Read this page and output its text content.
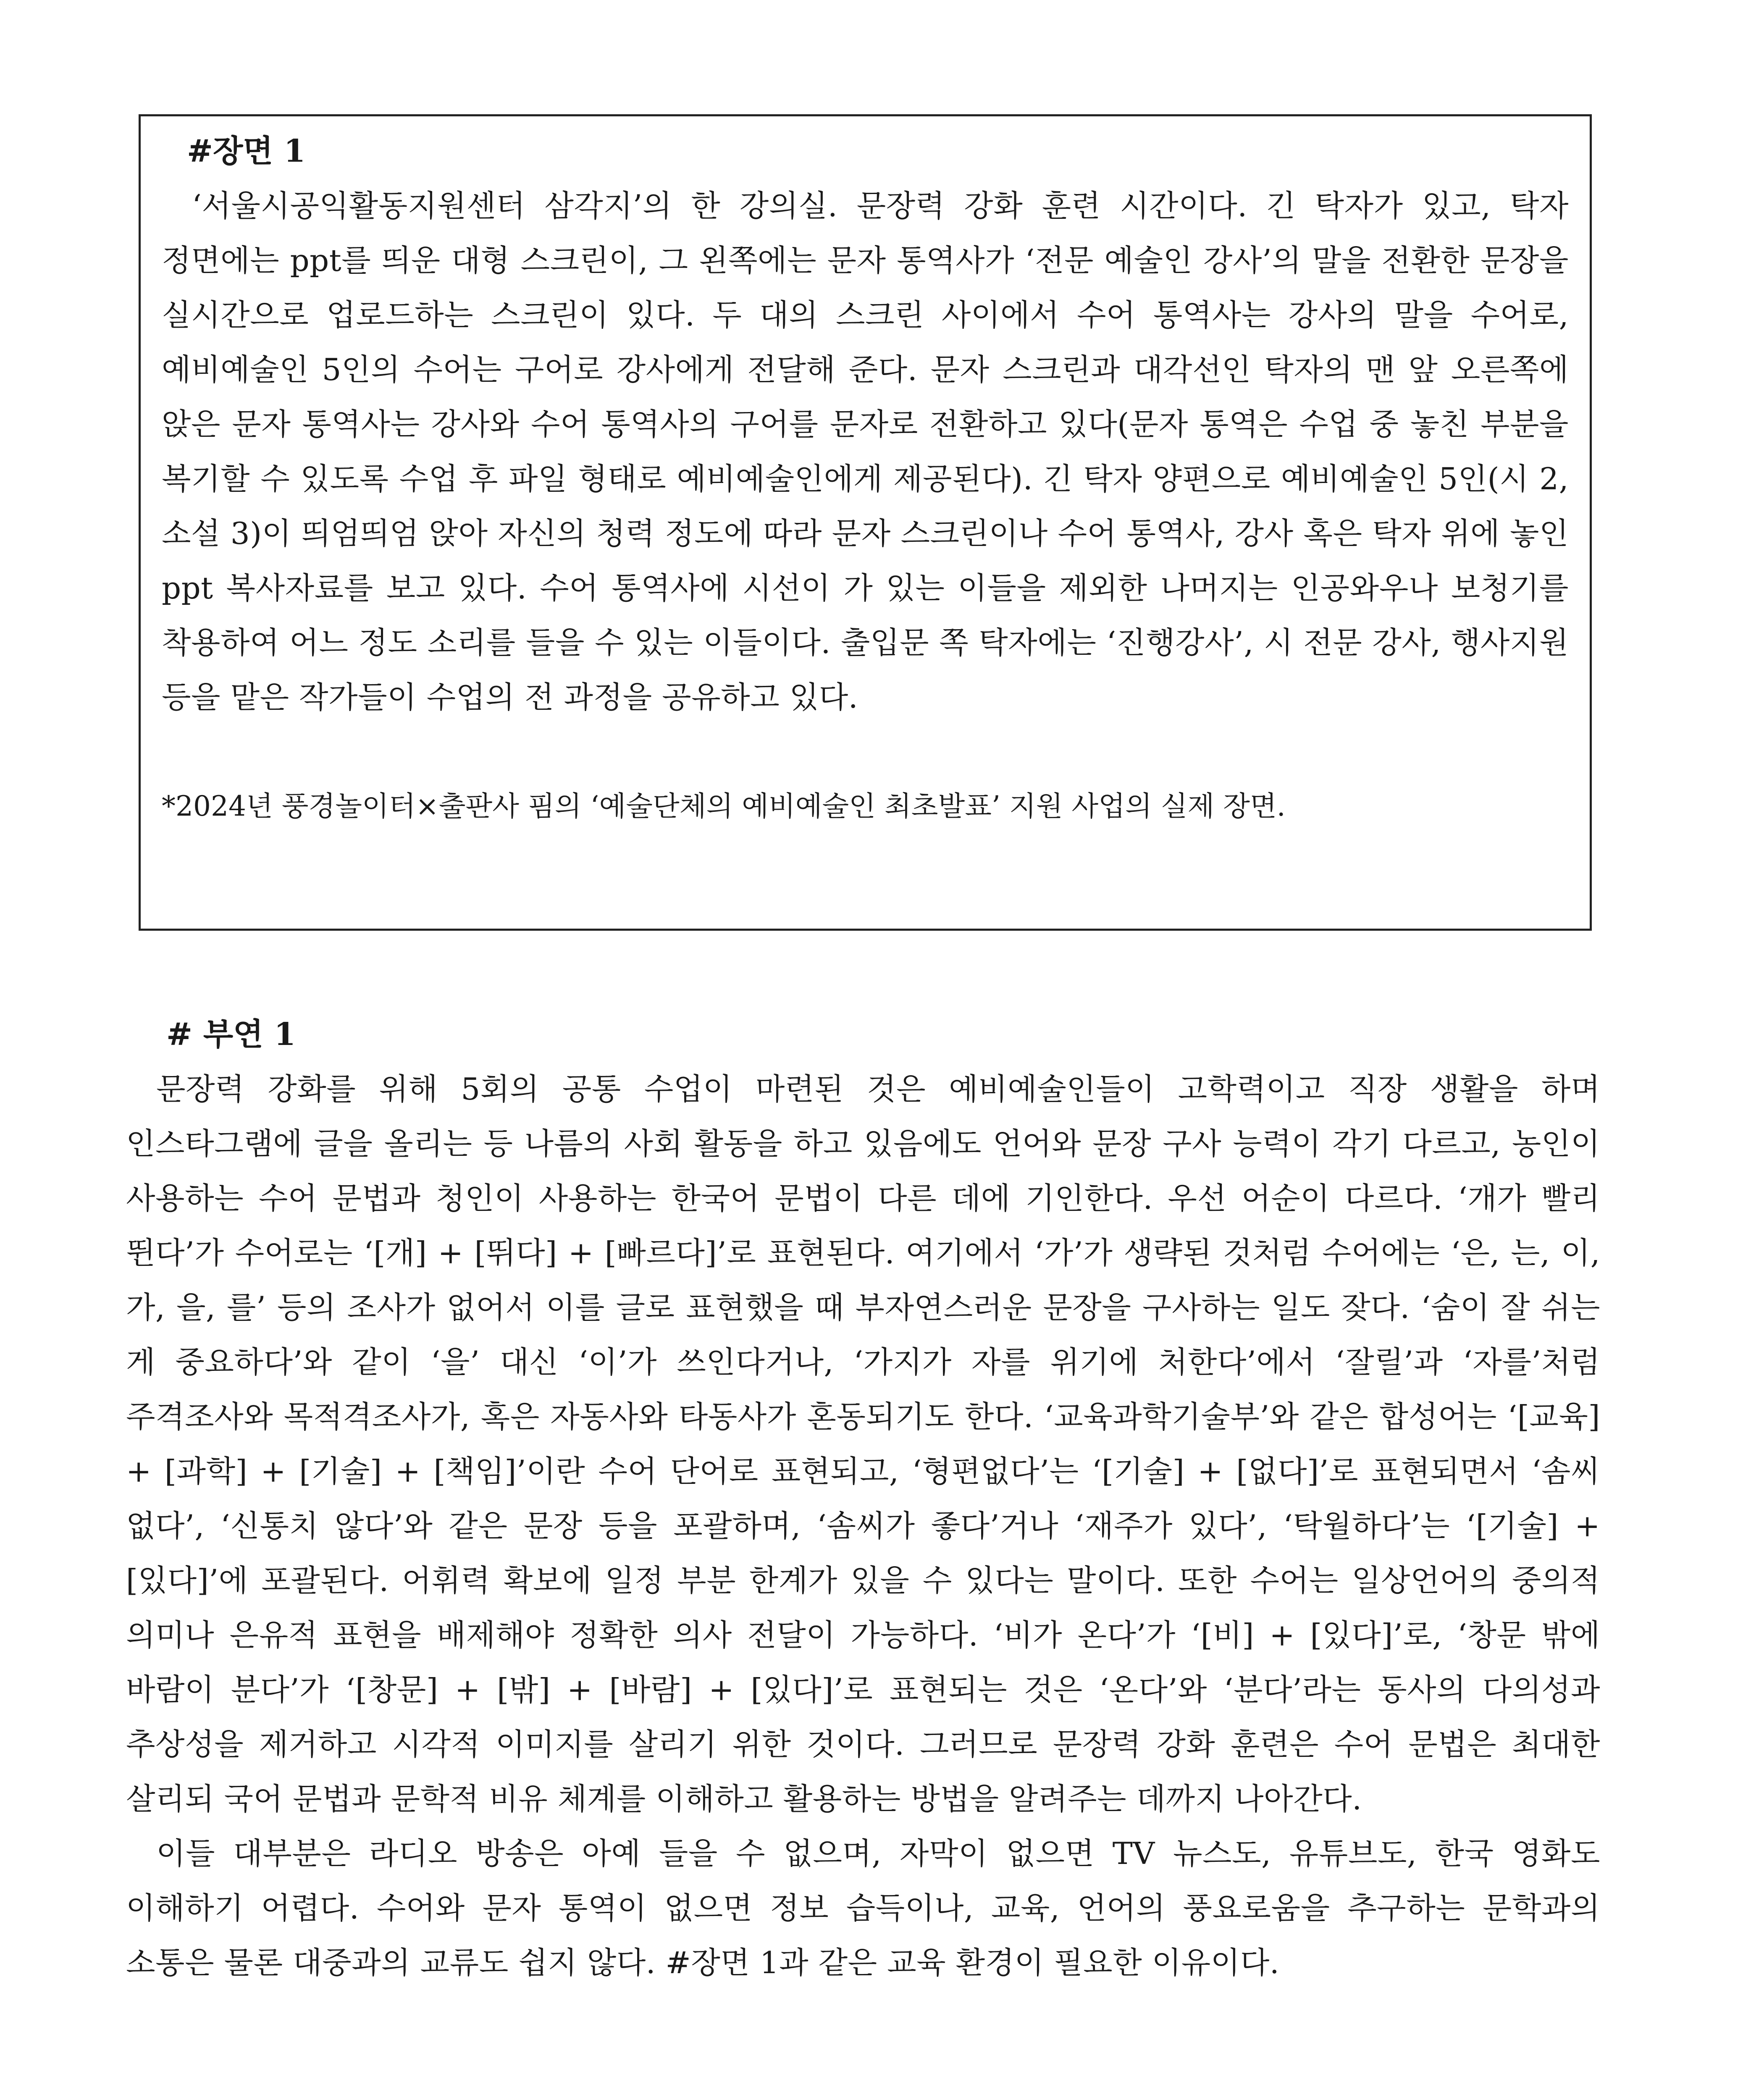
#장면 1

‘서울시공익활동지원센터 삼각지’의 한 강의실. 문장력 강화 훈련 시간이다. 긴 탁자가 있고, 탁자 정면에는 ppt를 띄운 대형 스크린이, 그 왼쪽에는 문자 통역사가 ‘전문 예술인 강사’의 말을 전환한 문장을 실시간으로 업로드하는 스크린이 있다. 두 대의 스크린 사이에서 수어 통역사는 강사의 말을 수어로, 예비예술인 5인의 수어는 구어로 강사에게 전달해 준다. 문자 스크린과 대각선인 탁자의 맨 앞 오른쪽에 앉은 문자 통역사는 강사와 수어 통역사의 구어를 문자로 전환하고 있다(문자 통역은 수업 중 놓친 부분을 복기할 수 있도록 수업 후 파일 형태로 예비예술인에게 제공된다). 긴 탁자 양편으로 예비예술인 5인(시 2, 소설 3)이 띄엄띄엄 앉아 자신의 청력 정도에 따라 문자 스크린이나 수어 통역사, 강사 혹은 탁자 위에 놓인 ppt 복사자료를 보고 있다. 수어 통역사에 시선이 가 있는 이들을 제외한 나머지는 인공와우나 보청기를 착용하여 어느 정도 소리를 들을 수 있는 이들이다. 출입문 쪽 탁자에는 ‘진행강사’, 시 전문 강사, 행사지원 등을 맡은 작가들이 수업의 전 과정을 공유하고 있다.

*2024년 풍경놀이터×출판사 핌의 ‘예술단체의 예비예술인 최초발표’ 지원 사업의 실제 장면.
# 부연 1

문장력 강화를 위해 5회의 공통 수업이 마련된 것은 예비예술인들이 고학력이고 직장 생활을 하며 인스타그램에 글을 올리는 등 나름의 사회 활동을 하고 있음에도 언어와 문장 구사 능력이 각기 다르고, 농인이 사용하는 수어 문법과 청인이 사용하는 한국어 문법이 다른 데에 기인한다. 우선 어순이 다르다. ‘개가 빨리 뛴다’가 수어로는 ‘[개] + [뛰다] + [빠르다]’로 표현된다. 여기에서 ‘가’가 생략된 것처럼 수어에는 ‘은, 는, 이, 가, 을, 를’ 등의 조사가 없어서 이를 글로 표현했을 때 부자연스러운 문장을 구사하는 일도 잦다. ‘숨이 잘 쉬는 게 중요하다’와 같이 ‘을’ 대신 ‘이’가 쓰인다거나, ‘가지가 자를 위기에 처한다’에서 ‘잘릴’과 ‘자를’처럼 주격조사와 목적격조사가, 혹은 자동사와 타동사가 혼동되기도 한다. ‘교육과학기술부’와 같은 합성어는 ‘[교육] + [과학] + [기술] + [책임]’이란 수어 단어로 표현되고, ‘형편없다’는 ‘[기술] + [없다]’로 표현되면서 ‘솜씨 없다’, ‘신통치 않다’와 같은 문장 등을 포괄하며, ‘솜씨가 좋다’거나 ‘재주가 있다’, ‘탁월하다’는 ‘[기술] + [있다]’에 포괄된다. 어휘력 확보에 일정 부분 한계가 있을 수 있다는 말이다. 또한 수어는 일상언어의 중의적 의미나 은유적 표현을 배제해야 정확한 의사 전달이 가능하다. ‘비가 온다’가 ‘[비] + [있다]’로, ‘창문 밖에 바람이 분다’가 ‘[창문] + [밖] + [바람] + [있다]’로 표현되는 것은 ‘온다’와 ‘분다’라는 동사의 다의성과 추상성을 제거하고 시각적 이미지를 살리기 위한 것이다. 그러므로 문장력 강화 훈련은 수어 문법은 최대한 살리되 국어 문법과 문학적 비유 체계를 이해하고 활용하는 방법을 알려주는 데까지 나아간다.

이들 대부분은 라디오 방송은 아예 들을 수 없으며, 자막이 없으면 TV 뉴스도, 유튜브도, 한국 영화도 이해하기 어렵다. 수어와 문자 통역이 없으면 정보 습득이나, 교육, 언어의 풍요로움을 추구하는 문학과의 소통은 물론 대중과의 교류도 쉽지 않다. #장면 1과 같은 교육 환경이 필요한 이유이다.
